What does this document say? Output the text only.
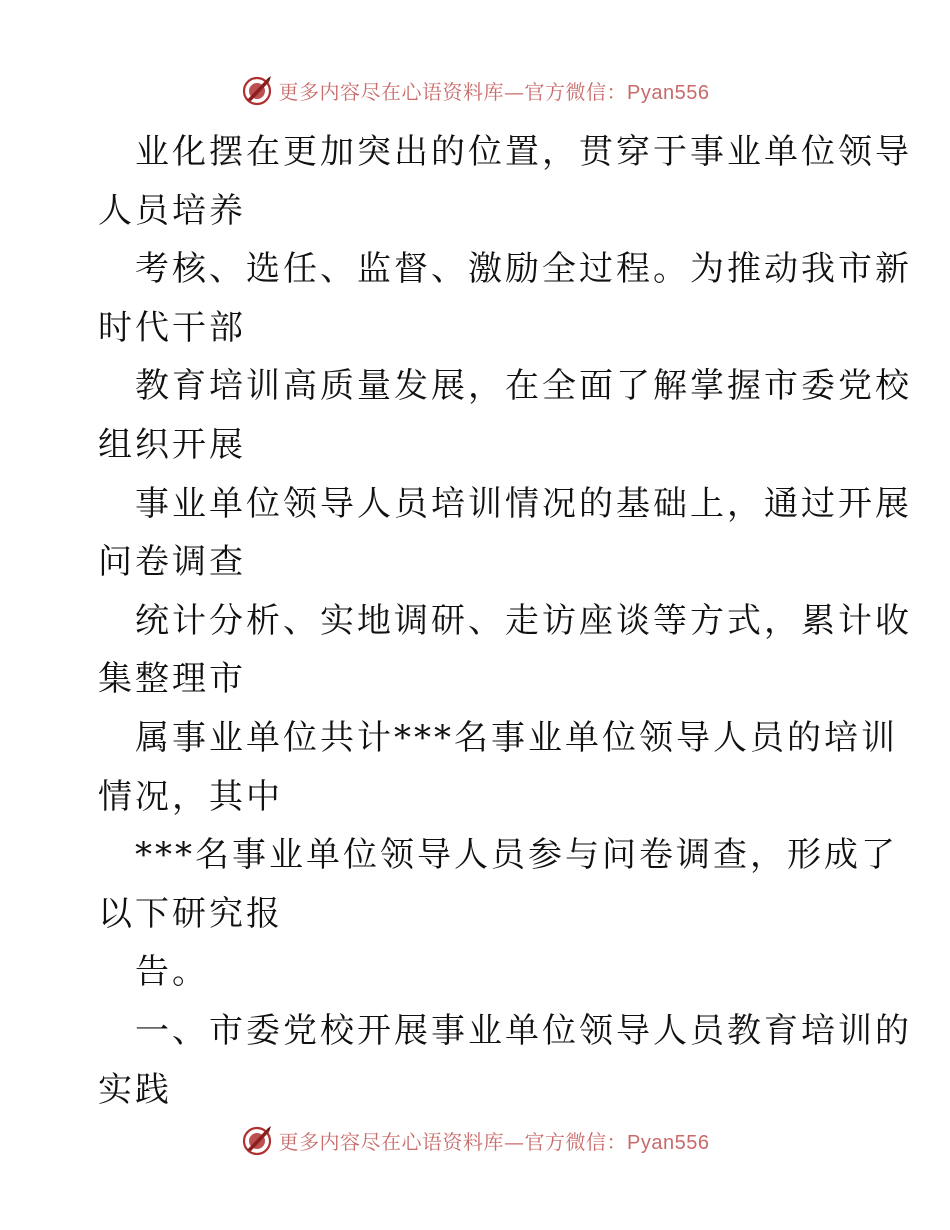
更多内容尽在心语资料库—官方微信：Pyan556
业化摆在更加突出的位置，贯穿于事业单位领导
人员培养
考核、选任、监督、激励全过程。为推动我市新
时代干部
教育培训高质量发展，在全面了解掌握市委党校
组织开展
事业单位领导人员培训情况的基础上，通过开展
问卷调查
统计分析、实地调研、走访座谈等方式，累计收
集整理市
属事业单位共计***名事业单位领导人员的培训
情况，其中
***名事业单位领导人员参与问卷调查，形成了
以下研究报
告。
一、市委党校开展事业单位领导人员教育培训的
实践
更多内容尽在心语资料库—官方微信：Pyan556
